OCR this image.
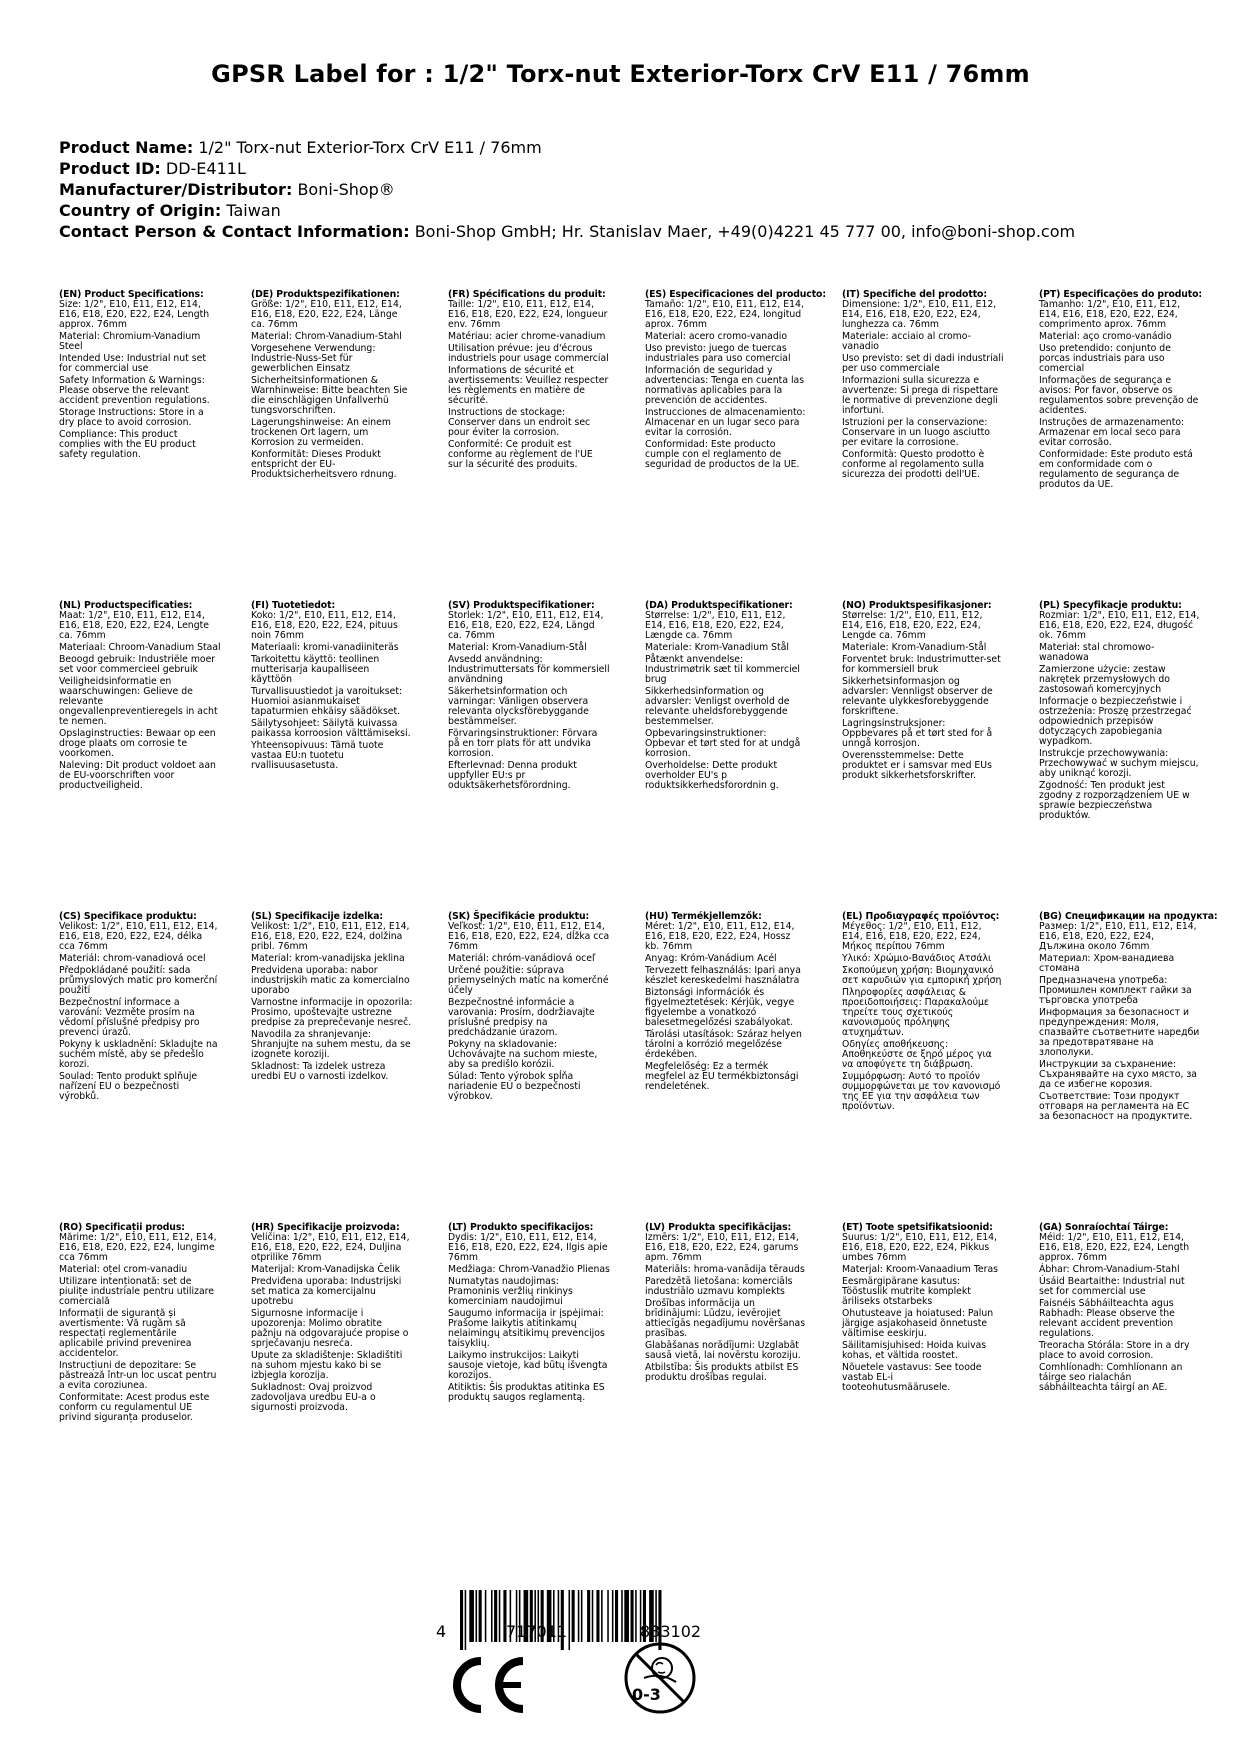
GPSR Label for : 1/2" Torx-nut Exterior-Torx CrV E11 / 76mm
Product Name: 1/2" Torx-nut Exterior-Torx CrV E11 / 76mm
Product ID: DD-E411L
Manufacturer/Distributor: Boni-Shop®
Country of Origin: Taiwan
Contact Person & Contact Information: Boni-Shop GmbH; Hr. Stanislav Maer, +49(0)4221 45 777 00, info@boni-shop.com
(EN) Product Specifications:
Size: 1/2", E10, E11, E12, E14, E16, E18, E20, E22, E24, Length approx. 76mm
Material: Chromium-Vanadium Steel
Intended Use: Industrial nut set for commercial use
Safety Information & Warnings: Please observe the relevant accident prevention regulations.
Storage Instructions: Store in a dry place to avoid corrosion.
Compliance: This product complies with the EU product safety regulation.
(DE) Produktspezifikationen:
Größe: 1/2", E10, E11, E12, E14, E16, E18, E20, E22, E24, Länge ca. 76mm
Material: Chrom-Vanadium-Stahl
Vorgesehene Verwendung: Industrie-Nuss-Set für gewerblichen Einsatz
Sicherheitsinformationen & Warnhinweise: Bitte beachten Sie die einschlägigen Unfallverhü tungsvorschriften.
Lagerungshinweise: An einem trockenen Ort lagern, um Korrosion zu vermeiden.
Konformität: Dieses Produkt entspricht der EU-Produktsicherheitsvero rdnung.
(FR) Spécifications du produit:
Taille: 1/2", E10, E11, E12, E14, E16, E18, E20, E22, E24, longueur env. 76mm
Matériau: acier chrome-vanadium
Utilisation prévue: jeu d'écrous industriels pour usage commercial
Informations de sécurité et avertissements: Veuillez respecter les règlements en matière de sécurité.
Instructions de stockage: Conserver dans un endroit sec pour éviter la corrosion.
Conformité: Ce produit est conforme au règlement de l'UE sur la sécurité des produits.
(ES) Especificaciones del producto:
Tamaño: 1/2", E10, E11, E12, E14, E16, E18, E20, E22, E24, longitud aprox. 76mm
Material: acero cromo-vanadio
Uso previsto: juego de tuercas industriales para uso comercial
Información de seguridad y advertencias: Tenga en cuenta las normativas aplicables para la prevención de accidentes.
Instrucciones de almacenamiento: Almacenar en un lugar seco para evitar la corrosión.
Conformidad: Este producto cumple con el reglamento de seguridad de productos de la UE.
(IT) Specifiche del prodotto:
Dimensione: 1/2", E10, E11, E12, E14, E16, E18, E20, E22, E24, lunghezza ca. 76mm
Materiale: acciaio al cromo-vanadio
Uso previsto: set di dadi industriali per uso commerciale
Informazioni sulla sicurezza e avvertenze: Si prega di rispettare le normative di prevenzione degli infortuni.
Istruzioni per la conservazione: Conservare in un luogo asciutto per evitare la corrosione.
Conformità: Questo prodotto è conforme al regolamento sulla sicurezza dei prodotti dell'UE.
(PT) Especificações do produto:
Tamanho: 1/2", E10, E11, E12, E14, E16, E18, E20, E22, E24, comprimento aprox. 76mm
Material: aço cromo-vanádio
Uso pretendido: conjunto de porcas industriais para uso comercial
Informações de segurança e avisos: Por favor, observe os regulamentos sobre prevenção de acidentes.
Instruções de armazenamento: Armazenar em local seco para evitar corrosão.
Conformidade: Este produto está em conformidade com o regulamento de segurança de produtos da UE.
(NL) Productspecificaties:
Maat: 1/2", E10, E11, E12, E14, E16, E18, E20, E22, E24, Lengte ca. 76mm
Materiaal: Chroom-Vanadium Staal
Beoogd gebruik: Industriële moer set voor commercieel gebruik
Veiligheidsinformatie en waarschuwingen: Gelieve de relevante ongevallenpreventieregels in acht te nemen.
Opslaginstructies: Bewaar op een droge plaats om corrosie te voorkomen.
Naleving: Dit product voldoet aan de EU-voorschriften voor productveiligheid.
(FI) Tuotetiedot:
Koko: 1/2", E10, E11, E12, E14, E16, E18, E20, E22, E24, pituus noin 76mm
Materiaali: kromi-vanadiiniteräs
Tarkoitettu käyttö: teollinen mutterisarja kaupalliseen käyttöön
Turvallisuustiedot ja varoitukset: Huomioi asianmukaiset tapaturmien ehkäisy säädökset.
Säilytysohjeet: Säilytä kuivassa paikassa korroosion välttämiseksi.
Yhteensopivuus: Tämä tuote vastaa EU:n tuotetu rvallisuusasetusta.
(SV) Produktspecifikationer:
Storlek: 1/2", E10, E11, E12, E14, E16, E18, E20, E22, E24, Längd ca. 76mm
Material: Krom-Vanadium-Stål
Avsedd användning: Industrimuttersats för kommersiell användning
Säkerhetsinformation och varningar: Vänligen observera relevanta olycksförebyggande bestämmelser.
Förvaringsinstruktioner: Förvara på en torr plats för att undvika korrosion.
Efterlevnad: Denna produkt uppfyller EU:s pr oduktsäkerhetsförordning.
(DA) Produktspecifikationer:
Størrelse: 1/2", E10, E11, E12, E14, E16, E18, E20, E22, E24, Længde ca. 76mm
Materiale: Krom-Vanadium Stål
Påtænkt anvendelse: Industrimøtrik sæt til kommerciel brug
Sikkerhedsinformation og advarsler: Venligst overhold de relevante uheldsforebyggende bestemmelser.
Opbevaringsinstruktioner: Opbevar et tørt sted for at undgå korrosion.
Overholdelse: Dette produkt overholder EU's p roduktsikkerhedsforordnin g.
(NO) Produktspesifikasjoner:
Størrelse: 1/2", E10, E11, E12, E14, E16, E18, E20, E22, E24, Lengde ca. 76mm
Materiale: Krom-Vanadium-Stål
Forventet bruk: Industrimutter-set for kommersiell bruk
Sikkerhetsinformasjon og advarsler: Vennligst observer de relevante ulykkesforebyggende forskriftene.
Lagringsinstruksjoner: Oppbevares på et tørt sted for å unngå korrosjon.
Overensstemmelse: Dette produktet er i samsvar med EUs produkt sikkerhetsforskrifter.
(PL) Specyfikacje produktu:
Rozmiar: 1/2", E10, E11, E12, E14, E16, E18, E20, E22, E24, długość ok. 76mm
Materiał: stal chromowo-wanadowa
Zamierzone użycie: zestaw nakrętek przemysłowych do zastosowań komercyjnych
Informacje o bezpieczeństwie i ostrzeżenia: Proszę przestrzegać odpowiednich przepisów dotyczących zapobiegania wypadkom.
Instrukcje przechowywania: Przechowywać w suchym miejscu, aby uniknąć korozji.
Zgodność: Ten produkt jest zgodny z rozporządzeniem UE w sprawie bezpieczeństwa produktów.
(CS) Specifikace produktu:
Velikost: 1/2", E10, E11, E12, E14, E16, E18, E20, E22, E24, délka cca 76mm
Materiál: chrom-vanadiová ocel
Předpokládané použití: sada průmyslových matic pro komerční použití
Bezpečnostní informace a varování: Vezměte prosím na vědomí příslušné předpisy pro prevenci úrazů.
Pokyny k uskladnění: Skladujte na suchém místě, aby se předešlo korozi.
Soulad: Tento produkt splňuje nařízení EU o bezpečnosti výrobků.
(SL) Specifikacije izdelka:
Velikost: 1/2", E10, E11, E12, E14, E16, E18, E20, E22, E24, dolžina pribl. 76mm
Material: krom-vanadijska jeklina
Predvidena uporaba: nabor industrijskih matic za komercialno uporabo
Varnostne informacije in opozorila: Prosimo, upoštevajte ustrezne predpise za preprečevanje nesreč.
Navodila za shranjevanje: Shranjujte na suhem mestu, da se izognete koroziji.
Skladnost: Ta izdelek ustreza uredbi EU o varnosti izdelkov.
(SK) Špecifikácie produktu:
Veľkosť: 1/2", E10, E11, E12, E14, E16, E18, E20, E22, E24, dĺžka cca 76mm
Materiál: chróm-vanádiová oceľ
Určené použitie: súprava priemyselných matíc na komerčné účely
Bezpečnostné informácie a varovania: Prosím, dodržiavajte príslušné predpisy na predchádzanie úrazom.
Pokyny na skladovanie: Uchovávajte na suchom mieste, aby sa predišlo korózii.
Súlad: Tento výrobok spĺňa nariadenie EÚ o bezpečnosti výrobkov.
(HU) Termékjellemzők:
Méret: 1/2", E10, E11, E12, E14, E16, E18, E20, E22, E24, Hossz kb. 76mm
Anyag: Króm-Vanádium Acél
Tervezett felhasználás: Ipari anya készlet kereskedelmi használatra
Biztonsági információk és figyelmeztetések: Kérjük, vegye figyelembe a vonatkozó balesetmegelőzési szabályokat.
Tárolási utasítások: Száraz helyen tárolni a korrózió megelőzése érdekében.
Megfelelőség: Ez a termék megfelel az EU termékbiztonsági rendeletének.
(EL) Προδιαγραφές προϊόντος:
Μέγεθος: 1/2", E10, E11, E12, E14, E16, E18, E20, E22, E24, Μήκος περίπου 76mm
Υλικό: Χρώμιο-Βανάδιος Ατσάλι
Σκοπούμενη χρήση: Βιομηχανικό σετ καρυδιών για εμπορική χρήση
Πληροφορίες ασφάλειας & προειδοποιήσεις: Παρακαλούμε τηρείτε τους σχετικούς κανονισμούς πρόληψης ατυχημάτων.
Οδηγίες αποθήκευσης: Αποθηκεύστε σε ξηρό μέρος για να αποφύγετε τη διάβρωση.
Συμμόρφωση: Αυτό το προϊόν συμμορφώνεται με τον κανονισμό της ΕΕ για την ασφάλεια των προϊόντων.
(BG) Спецификации на продукта:
Размер: 1/2", E10, E11, E12, E14, E16, E18, E20, E22, E24, Дължина около 76mm
Материал: Хром-ванадиева стомана
Предназначена употреба: Промишлен комплект гайки за търговска употреба
Информация за безопасност и предупреждения: Моля, спазвайте съответните наредби за предотвратяване на злополуки.
Инструкции за съхранение: Съхранявайте на сухо място, за да се избегне корозия.
Съответствие: Този продукт отговаря на регламента на ЕС за безопасност на продуктите.
(RO) Specificații produs:
Mărime: 1/2", E10, E11, E12, E14, E16, E18, E20, E22, E24, lungime cca 76mm
Material: oțel crom-vanadiu
Utilizare intenționată: set de piulițe industriale pentru utilizare comercială
Informații de siguranță și avertismente: Vă rugăm să respectați reglementările aplicabile privind prevenirea accidentelor.
Instrucțiuni de depozitare: Se păstrează într-un loc uscat pentru a evita coroziunea.
Conformitate: Acest produs este conform cu regulamentul UE privind siguranța produselor.
(HR) Specifikacije proizvoda:
Veličina: 1/2", E10, E11, E12, E14, E16, E18, E20, E22, E24, Duljina otprilike 76mm
Materijal: Krom-Vanadijska Čelik
Predviđena uporaba: Industrijski set matica za komercijalnu upotrebu
Sigurnosne informacije i upozorenja: Molimo obratite pažnju na odgovarajuće propise o sprječavanju nesreća.
Upute za skladištenje: Skladištiti na suhom mjestu kako bi se izbjegla korozija.
Sukladnost: Ovaj proizvod zadovoljava uredbu EU-a o sigurnosti proizvoda.
(LT) Produkto specifikacijos:
Dydis: 1/2", E10, E11, E12, E14, E16, E18, E20, E22, E24, Ilgis apie 76mm
Medžiaga: Chrom-Vanadžio Plienas
Numatytas naudojimas: Pramoninis veržlių rinkinys komerciniam naudojimui
Saugumo informacija ir įspėjimai: Prašome laikytis atitinkamų nelaimingų atsitikimų prevencijos taisyklių.
Laikymo instrukcijos: Laikyti sausoje vietoje, kad būtų išvengta korozijos.
Atitiktis: Šis produktas atitinka ES produktų saugos reglamentą.
(LV) Produkta specifikācijas:
Izmērs: 1/2", E10, E11, E12, E14, E16, E18, E20, E22, E24, garums apm. 76mm
Materiāls: hroma-vanādija tērauds
Paredzētā lietošana: komerciāls industriālo uzmavu komplekts
Drošības informācija un brīdinājumi: Lūdzu, ievērojiet attiecīgās negadījumu novēršanas prasības.
Glabāšanas norādījumi: Uzglabāt sausā vietā, lai novērstu koroziju.
Atbilstība: Šis produkts atbilst ES produktu drošības regulai.
(ET) Toote spetsifikatsioonid:
Suurus: 1/2", E10, E11, E12, E14, E16, E18, E20, E22, E24, Pikkus umbes 76mm
Materjal: Kroom-Vanaadium Teras
Eesmärgipärane kasutus: Tööstuslik mutrite komplekt äriliseks otstarbeks
Ohutusteave ja hoiatused: Palun järgige asjakohaseid õnnetuste vältimise eeskirju.
Säilitamisjuhised: Hoida kuivas kohas, et vältida roostet.
Nõuetele vastavus: See toode vastab EL-i tooteohutusmäärusele.
(GA) Sonraíochtaí Táirge:
Méid: 1/2", E10, E11, E12, E14, E16, E18, E20, E22, E24, Length approx. 76mm
Ábhar: Chrom-Vanadium-Stahl
Úsáid Beartaithe: Industrial nut set for commercial use
Faisnéis Sábháilteachta agus Rabhadh: Please observe the relevant accident prevention regulations.
Treoracha Stórála: Store in a dry place to avoid corrosion.
Comhlíonadh: Comhlíonann an táirge seo rialachán sábháilteachta táirgí an AE.
4	717011	833102
CE
0-3
